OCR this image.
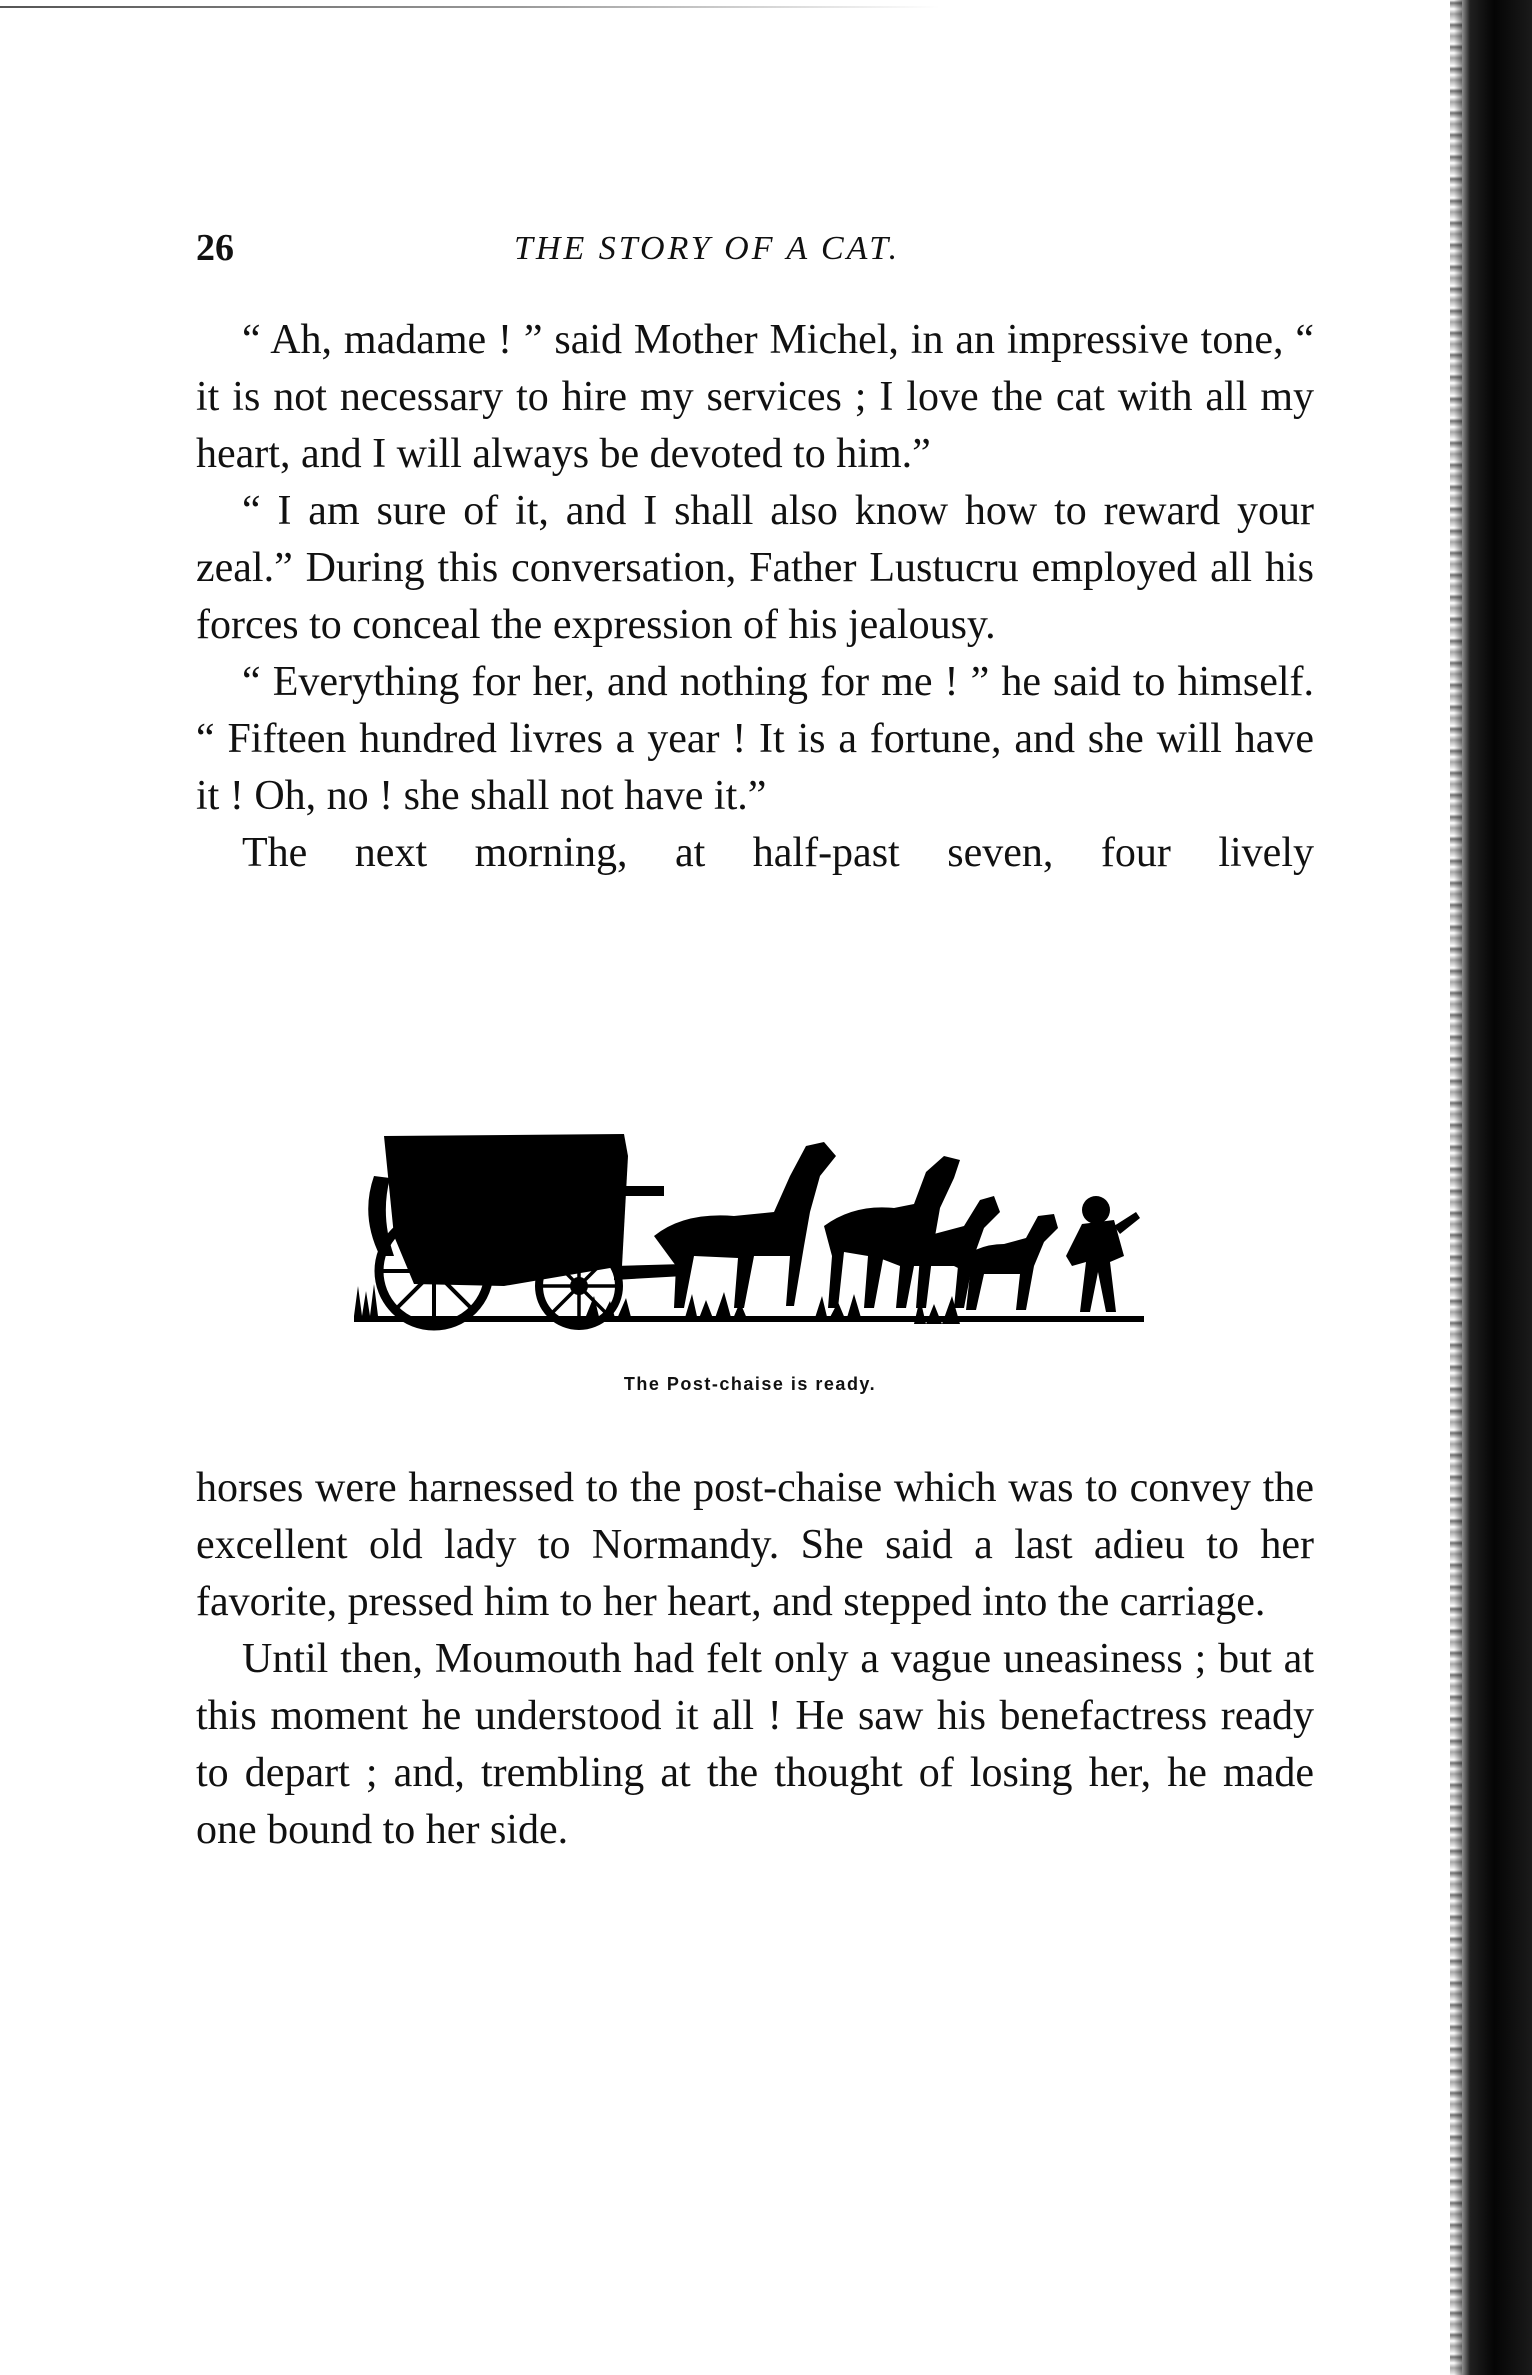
26	THE STORY OF A CAT.

“ Ah, madame ! ” said Mother Michel, in an impressive tone, “ it is not necessary to hire my services ; I love the cat with all my heart, and I will always be devoted to him.”

“ I am sure of it, and I shall also know how to reward your zeal.” During this conversation, Father Lustucru employed all his forces to conceal the expression of his jealousy.

“ Everything for her, and nothing for me ! ” he said to himself. “ Fifteen hundred livres a year ! It is a fortune, and she will have it ! Oh, no ! she shall not have it.”

The next morning, at half-past seven, four lively

The Post-chaise is ready.

horses were harnessed to the post-chaise which was to convey the excellent old lady to Normandy. She said a last adieu to her favorite, pressed him to her heart, and stepped into the carriage.

Until then, Moumouth had felt only a vague uneasiness ; but at this moment he understood it all ! He saw his benefactress ready to depart ; and, trembling at the thought of losing her, he made one bound to her side.
